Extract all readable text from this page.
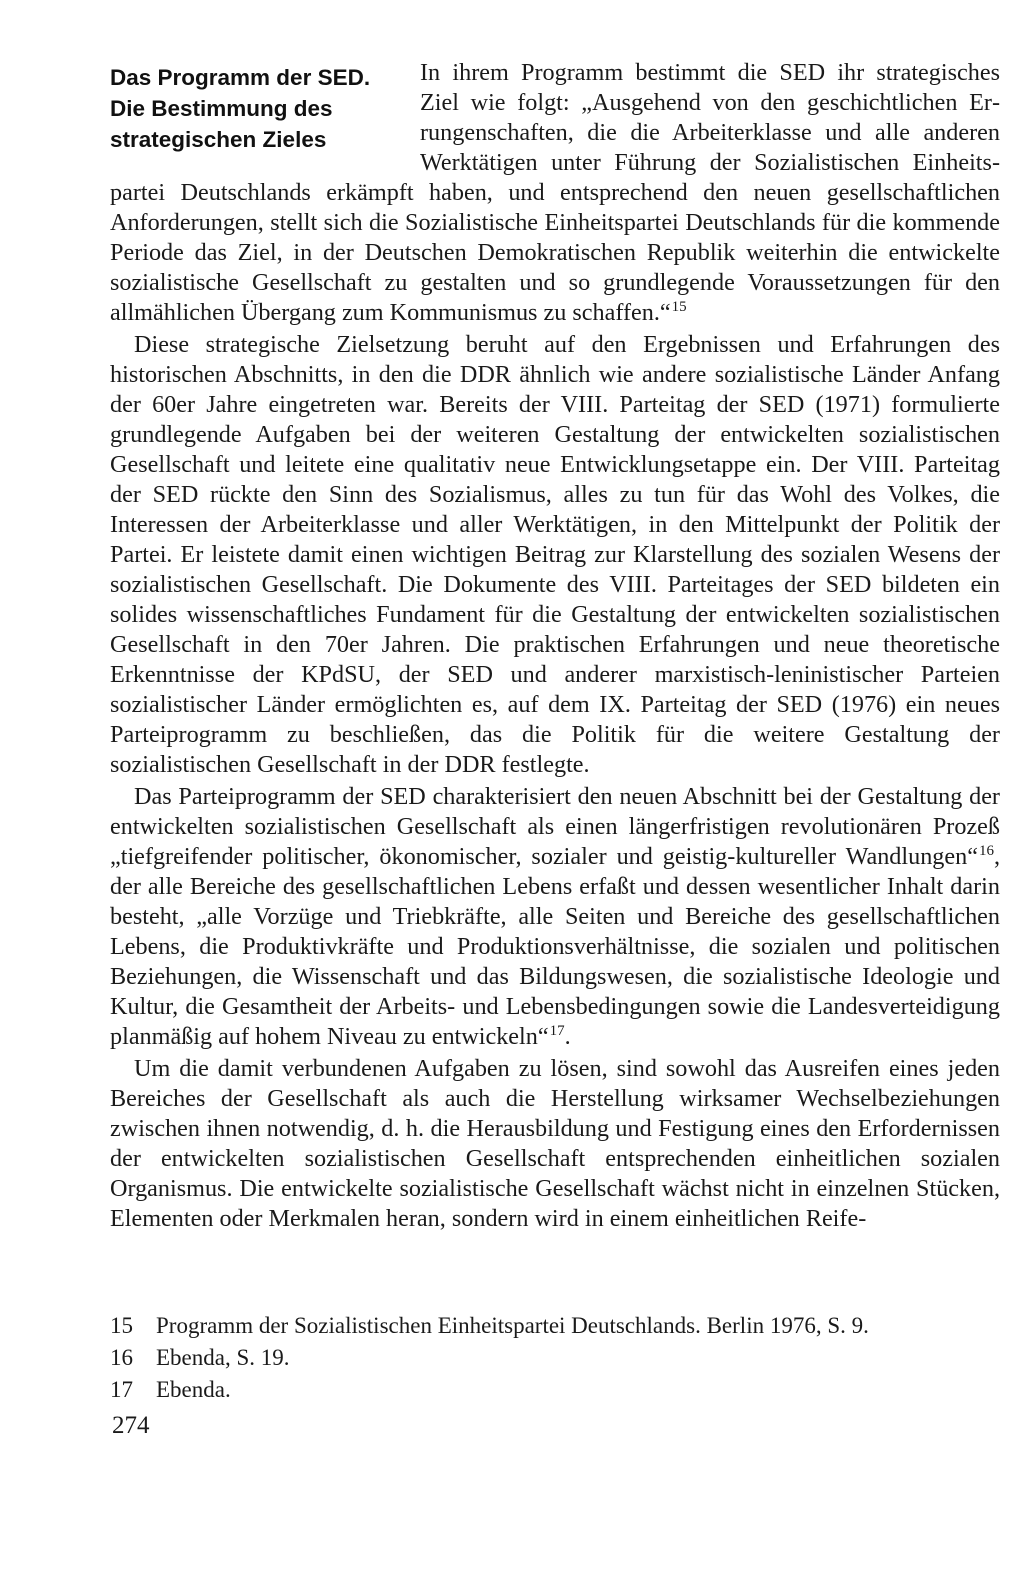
Das Programm der SED.
Die Bestimmung des
strategischen Zieles

In ihrem Programm bestimmt die SED ihr strategisches Ziel wie folgt: „Ausgehend von den geschichtlichen Errungenschaften, die die Arbeiterklasse und alle anderen Werktätigen unter Führung der Sozialistischen Einheitspartei Deutschlands erkämpft haben, und entsprechend den neuen gesellschaftlichen Anforderungen, stellt sich die Sozialistische Einheitspartei Deutschlands für die kommende Periode das Ziel, in der Deutschen Demokratischen Republik weiterhin die entwickelte sozialistische Gesellschaft zu gestalten und so grundlegende Voraussetzungen für den allmählichen Übergang zum Kommunismus zu schaffen.“$^{15}$

Diese strategische Zielsetzung beruht auf den Ergebnissen und Erfahrungen des historischen Abschnitts, in den die DDR ähnlich wie andere sozialistische Länder Anfang der 60er Jahre eingetreten war. Bereits der VIII. Parteitag der SED (1971) formulierte grundlegende Aufgaben bei der weiteren Gestaltung der entwickelten sozialistischen Gesellschaft und leitete eine qualitativ neue Entwicklungsetappe ein. Der VIII. Parteitag der SED rückte den Sinn des Sozialismus, alles zu tun für das Wohl des Volkes, die Interessen der Arbeiterklasse und aller Werktätigen, in den Mittelpunkt der Politik der Partei. Er leistete damit einen wichtigen Beitrag zur Klarstellung des sozialen Wesens der sozialistischen Gesellschaft. Die Dokumente des VIII. Parteitages der SED bildeten ein solides wissenschaftliches Fundament für die Gestaltung der entwickelten sozialistischen Gesellschaft in den 70er Jahren. Die praktischen Erfahrungen und neue theoretische Erkenntnisse der KPdSU, der SED und anderer marxistisch-leninistischer Parteien sozialistischer Länder ermöglichten es, auf dem IX. Parteitag der SED (1976) ein neues Parteiprogramm zu beschließen, das die Politik für die weitere Gestaltung der sozialistischen Gesellschaft in der DDR festlegte.

Das Parteiprogramm der SED charakterisiert den neuen Abschnitt bei der Gestaltung der entwickelten sozialistischen Gesellschaft als einen längerfristigen revolutionären Prozeß „tiefgreifender politischer, ökonomischer, sozialer und geistig-kultureller Wandlungen“$^{16}$, der alle Bereiche des gesellschaftlichen Lebens erfaßt und dessen wesentlicher Inhalt darin besteht, „alle Vorzüge und Triebkräfte, alle Seiten und Bereiche des gesellschaftlichen Lebens, die Produktivkräfte und Produktionsverhältnisse, die sozialen und politischen Beziehungen, die Wissenschaft und das Bildungswesen, die sozialistische Ideologie und Kultur, die Gesamtheit der Arbeits- und Lebensbedingungen sowie die Landesverteidigung planmäßig auf hohem Niveau zu entwickeln“$^{17}$.

Um die damit verbundenen Aufgaben zu lösen, sind sowohl das Ausreifen eines jeden Bereiches der Gesellschaft als auch die Herstellung wirksamer Wechselbeziehungen zwischen ihnen notwendig, d. h. die Herausbildung und Festigung eines den Erfordernissen der entwickelten sozialistischen Gesellschaft entsprechenden einheitlichen sozialen Organismus. Die entwickelte sozialistische Gesellschaft wächst nicht in einzelnen Stücken, Elementen oder Merkmalen heran, sondern wird in einem einheitlichen Reife-

15	Programm der Sozialistischen Einheitspartei Deutschlands. Berlin 1976, S. 9.
16	Ebenda, S. 19.
17	Ebenda.
274
